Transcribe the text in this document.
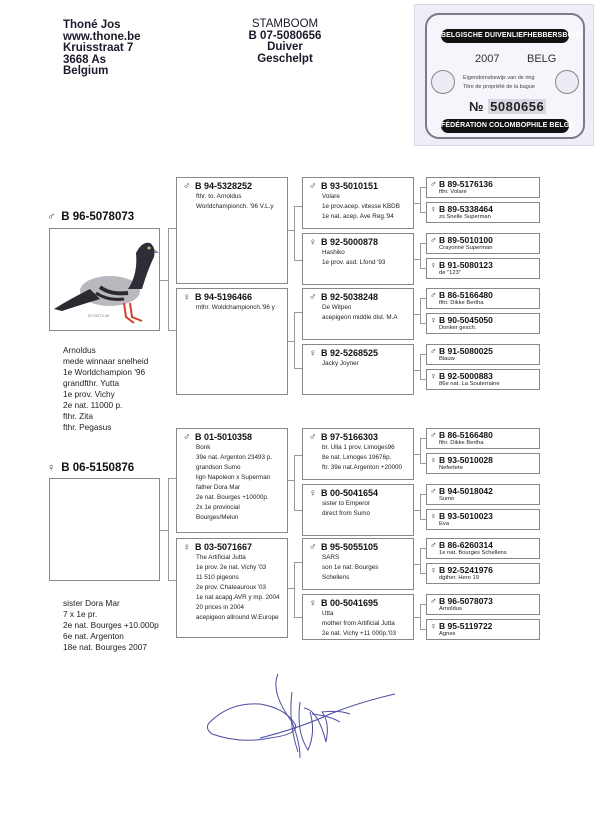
Thoné Jos
www.thone.be
Kruisstraat 7
3668 As
Belgium
STAMBOOM
B 07-5080656
Duiver
Geschelpt
BELGISCHE DUIVENLIEFHEBBERSBOND
2007	BELG
Eigendomsbewijs van de ring
Titre de propriété de la bague
№ 5080656
FÉDÉRATION COLOMBOPHILE BELGE
♂ B 96-5078073
5078073-96
Arnoldus
mede winnaar snelheid
1e Worldchampion '96
grandfthr. Yutta
1e prov. Vichy
2e nat. 11000 p.
fthr. Zita
fthr. Pegasus
♀ B 06-5150876
sister Dora Mar
7 x 1e pr.
2e nat. Bourges +10.000p
6e nat. Argenton
18e nat. Bourges 2007
♂ B 94-5328252
fthr. to. Arnoldus
Worldchampionch. '96 V.L.y
♀ B 94-5196466
mthr. Woldchampionch.'96 y
♂ B 01-5010358
Bonk
39e nat. Argenton 23493 p.
grandson Sumo
lign Napoleon x Superman
father Dora Mar
2e nat. Bourges +10000p.
2x 1e provincial
Bourges/Melun
♀ B 03-5071667
The Artificial Jutta
1e prov. 2e nat. Vichy '03
11 510 pigeons
2e prov. Chateauroux '03
1e nat acapg.AVR y mp. 2004
20 prices in 2004
acepigeon allround W.Europe
♂ B 93-5010151
Volare
1e prov.acep. vitesse KBDB
1e nat. acep. Ave Reg.'94
♀ B 92-5000878
Hashiko
1e prov. asd. Lfond '93
♂ B 92-5038248
De Witpen
acepigeon middle dist. M.A
♀ B 92-5268525
Jacky Joyner
♂ B 97-5166303
br. Ulla 1 prov. Limoges96
8e nat. Limoges 19676p.
ftr. 39e nat.Argenton +20000
♀ B 00-5041654
sister to Emperor
direct from Sumo
♂ B 95-5055105
SARS
son 1e nat. Bourges
Schellens
♀ B 00-5041695
Utta
mother from Artificial Jutta
2e nat. Vichy +11 000p.'03
♂ B 89-5176136
fthr. Volare
♀ B 89-5338464
zs Snelle Superman
♂ B 89-5010100
Crayonné Superman
♀ B 91-5080123
de "123"
♂ B 86-5166480
fthr. Dikke Bertha
♀ B 90-5045050
Donker gesch.
♂ B 91-5080025
Blauw
♀ B 92-5000883
86e nat. La Souterraine
♂ B 86-5166480
fthr. Dikke Bertha
♀ B 93-5010028
Nefertete
♂ B 94-5018042
Sumo
♀ B 93-5010023
Eva
♂ B 86-6260314
1e nat. Bourges Schellens
♀ B 92-5241976
dgther. Hero 19
♂ B 96-5078073
Arnoldus
♀ B 95-5119722
Agnes
